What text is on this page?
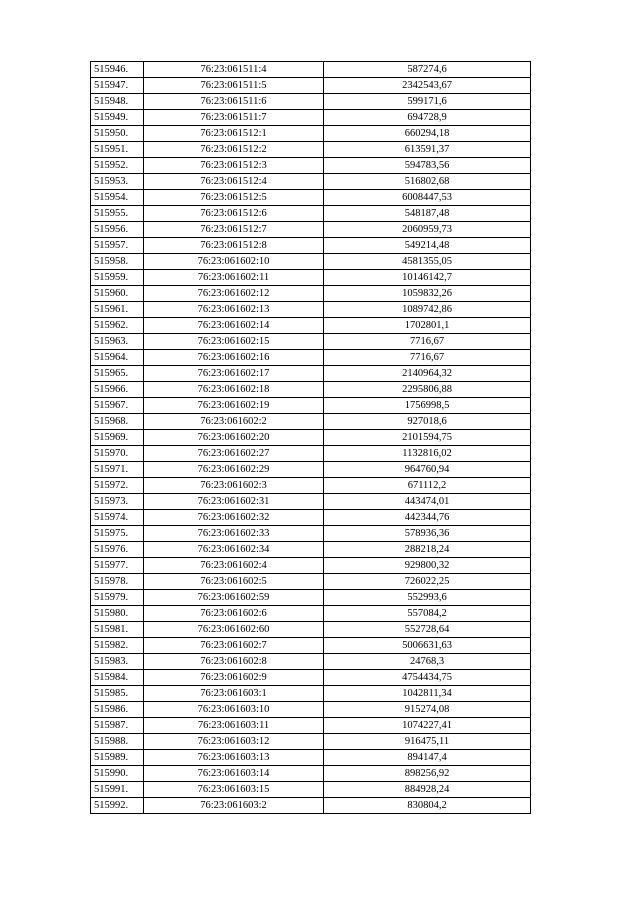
515946.	76:23:061511:4	587274,6
515947.	76:23:061511:5	2342543,67
515948.	76:23:061511:6	599171,6
515949.	76:23:061511:7	694728,9
515950.	76:23:061512:1	660294,18
515951.	76:23:061512:2	613591,37
515952.	76:23:061512:3	594783,56
515953.	76:23:061512:4	516802,68
515954.	76:23:061512:5	6008447,53
515955.	76:23:061512:6	548187,48
515956.	76:23:061512:7	2060959,73
515957.	76:23:061512:8	549214,48
515958.	76:23:061602:10	4581355,05
515959.	76:23:061602:11	10146142,7
515960.	76:23:061602:12	1059832,26
515961.	76:23:061602:13	1089742,86
515962.	76:23:061602:14	1702801,1
515963.	76:23:061602:15	7716,67
515964.	76:23:061602:16	7716,67
515965.	76:23:061602:17	2140964,32
515966.	76:23:061602:18	2295806,88
515967.	76:23:061602:19	1756998,5
515968.	76:23:061602:2	927018,6
515969.	76:23:061602:20	2101594,75
515970.	76:23:061602:27	1132816,02
515971.	76:23:061602:29	964760,94
515972.	76:23:061602:3	671112,2
515973.	76:23:061602:31	443474,01
515974.	76:23:061602:32	442344,76
515975.	76:23:061602:33	578936,36
515976.	76:23:061602:34	288218,24
515977.	76:23:061602:4	929800,32
515978.	76:23:061602:5	726022,25
515979.	76:23:061602:59	552993,6
515980.	76:23:061602:6	557084,2
515981.	76:23:061602:60	552728,64
515982.	76:23:061602:7	5006631,63
515983.	76:23:061602:8	24768,3
515984.	76:23:061602:9	4754434,75
515985.	76:23:061603:1	1042811,34
515986.	76:23:061603:10	915274,08
515987.	76:23:061603:11	1074227,41
515988.	76:23:061603:12	916475,11
515989.	76:23:061603:13	894147,4
515990.	76:23:061603:14	898256,92
515991.	76:23:061603:15	884928,24
515992.	76:23:061603:2	830804,2
